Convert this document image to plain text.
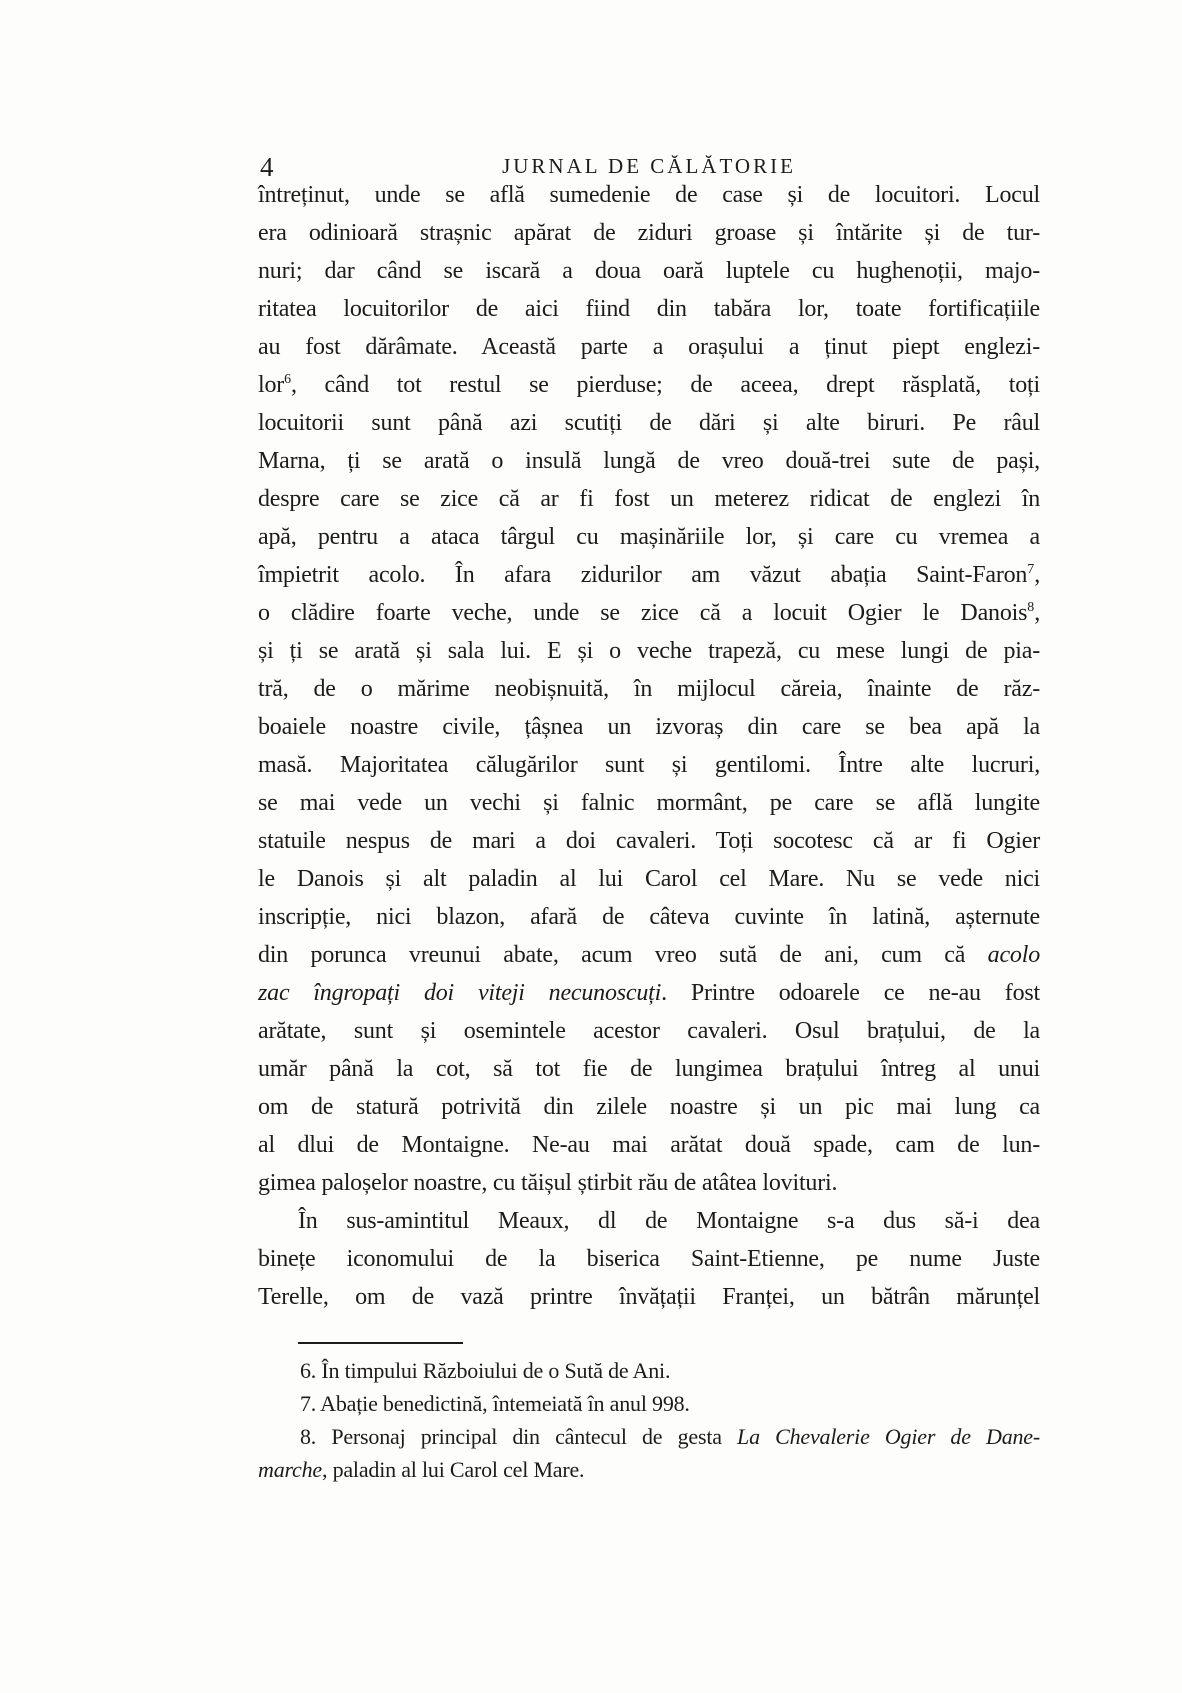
4	JURNAL DE CĂLĂTORIE
întreținut, unde se află sumedenie de case și de locuitori. Locul
era odinioară strașnic apărat de ziduri groase și întărite și de tur-
nuri; dar când se iscară a doua oară luptele cu hughenoții, majo-
ritatea locuitorilor de aici fiind din tabăra lor, toate fortificațiile
au fost dărâmate. Această parte a orașului a ținut piept englezi-
lor$^6$, când tot restul se pierduse; de aceea, drept răsplată, toți
locuitorii sunt până azi scutiți de dări și alte biruri. Pe râul
Marna, ți se arată o insulă lungă de vreo două-trei sute de pași,
despre care se zice că ar fi fost un meterez ridicat de englezi în
apă, pentru a ataca târgul cu mașinăriile lor, și care cu vremea a
împietrit acolo. În afara zidurilor am văzut abația Saint-Faron$^7$,
o clădire foarte veche, unde se zice că a locuit Ogier le Danois$^8$,
și ți se arată și sala lui. E și o veche trapeză, cu mese lungi de pia-
tră, de o mărime neobișnuită, în mijlocul căreia, înainte de răz-
boaiele noastre civile, țâșnea un izvoraș din care se bea apă la
masă. Majoritatea călugărilor sunt și gentilomi. Între alte lucruri,
se mai vede un vechi și falnic mormânt, pe care se află lungite
statuile nespus de mari a doi cavaleri. Toți socotesc că ar fi Ogier
le Danois și alt paladin al lui Carol cel Mare. Nu se vede nici
inscripție, nici blazon, afară de câteva cuvinte în latină, așternute
din porunca vreunui abate, acum vreo sută de ani, cum că acolo
zac îngropați doi viteji necunoscuți. Printre odoarele ce ne-au fost
arătate, sunt și osemintele acestor cavaleri. Osul brațului, de la
umăr până la cot, să tot fie de lungimea brațului întreg al unui
om de statură potrivită din zilele noastre și un pic mai lung ca
al dlui de Montaigne. Ne-au mai arătat două spade, cam de lun-
gimea paloșelor noastre, cu tăișul știrbit rău de atâtea lovituri.
În sus-amintitul Meaux, dl de Montaigne s-a dus să-i dea
binețe iconomului de la biserica Saint-Etienne, pe nume Juste
Terelle, om de vază printre învățații Franței, un bătrân mărunțel
6. În timpului Războiului de o Sută de Ani.
7. Abație benedictină, întemeiată în anul 998.
8. Personaj principal din cântecul de gesta La Chevalerie Ogier de Dane-
marche, paladin al lui Carol cel Mare.
